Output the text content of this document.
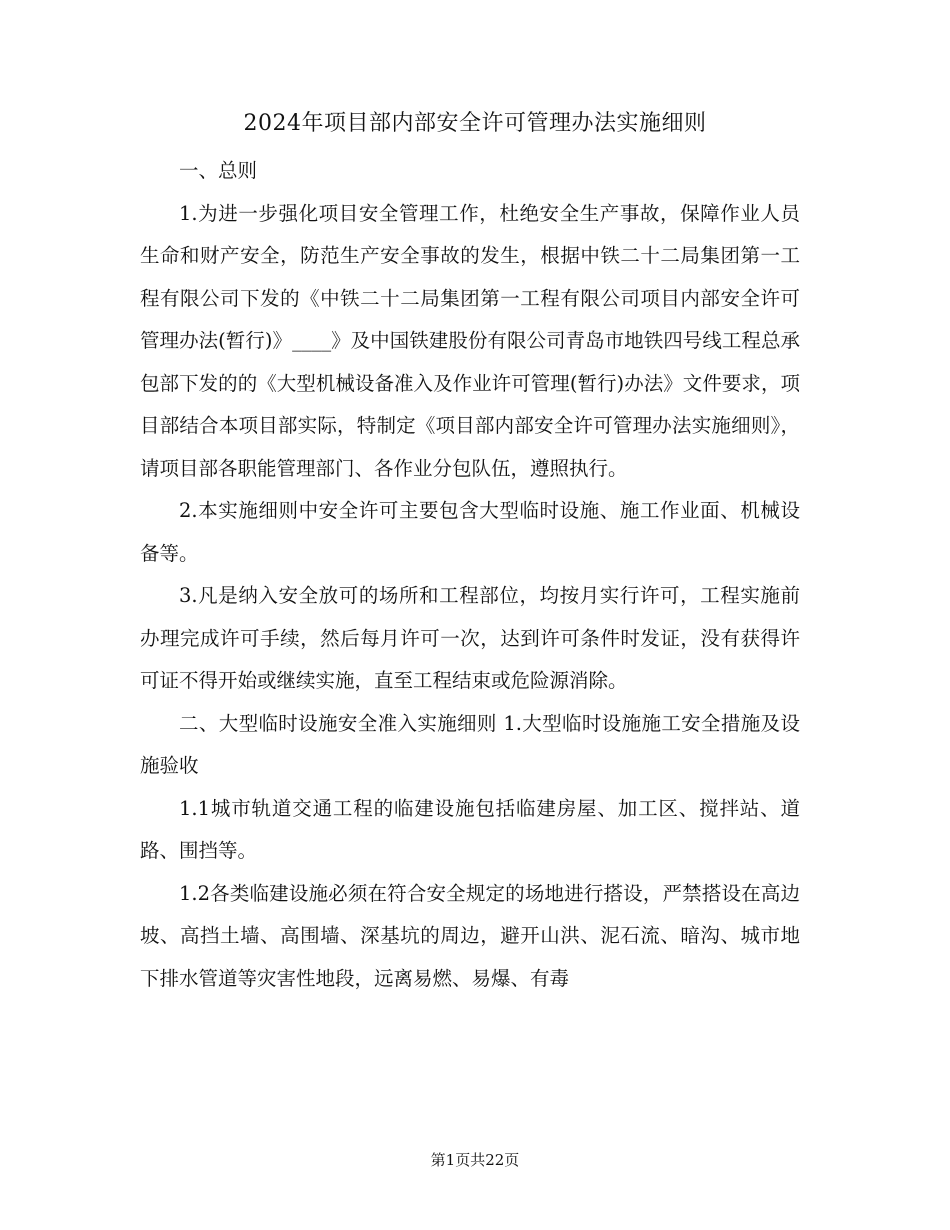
2024年项目部内部安全许可管理办法实施细则

一、总则

1.为进一步强化项目安全管理工作，杜绝安全生产事故，保障作业人员生命和财产安全，防范生产安全事故的发生，根据中铁二十二局集团第一工程有限公司下发的《中铁二十二局集团第一工程有限公司项目内部安全许可管理办法(暂行)》____》及中国铁建股份有限公司青岛市地铁四号线工程总承包部下发的的《大型机械设备准入及作业许可管理(暂行)办法》文件要求，项目部结合本项目部实际，特制定《项目部内部安全许可管理办法实施细则》，请项目部各职能管理部门、各作业分包队伍，遵照执行。

2.本实施细则中安全许可主要包含大型临时设施、施工作业面、机械设备等。

3.凡是纳入安全放可的场所和工程部位，均按月实行许可，工程实施前办理完成许可手续，然后每月许可一次，达到许可条件时发证，没有获得许可证不得开始或继续实施，直至工程结束或危险源消除。

二、大型临时设施安全准入实施细则 1.大型临时设施施工安全措施及设施验收

1.1城市轨道交通工程的临建设施包括临建房屋、加工区、搅拌站、道路、围挡等。

1.2各类临建设施必须在符合安全规定的场地进行搭设，严禁搭设在高边坡、高挡土墙、高围墙、深基坑的周边，避开山洪、泥石流、暗沟、城市地下排水管道等灾害性地段，远离易燃、易爆、有毒

第1页共22页
